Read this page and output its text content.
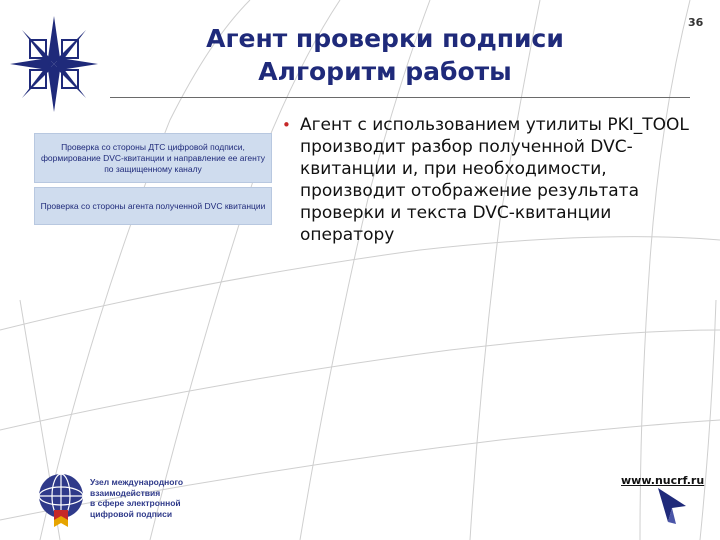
Агент проверки подписи
Алгоритм работы
36
Проверка со стороны ДТС цифровой подписи, формирование DVC-квитанции и направление ее агенту по защищенному каналу
Проверка со стороны агента полученной DVC квитанции
• Агент с использованием утилиты PKI_TOOL производит разбор полученной DVC-квитанции и, при необходимости, производит отображение результата проверки и текста DVC-квитанции оператору
Узел международного
взаимодействия
в сфере электронной
цифровой подписи
www.nucrf.ru
